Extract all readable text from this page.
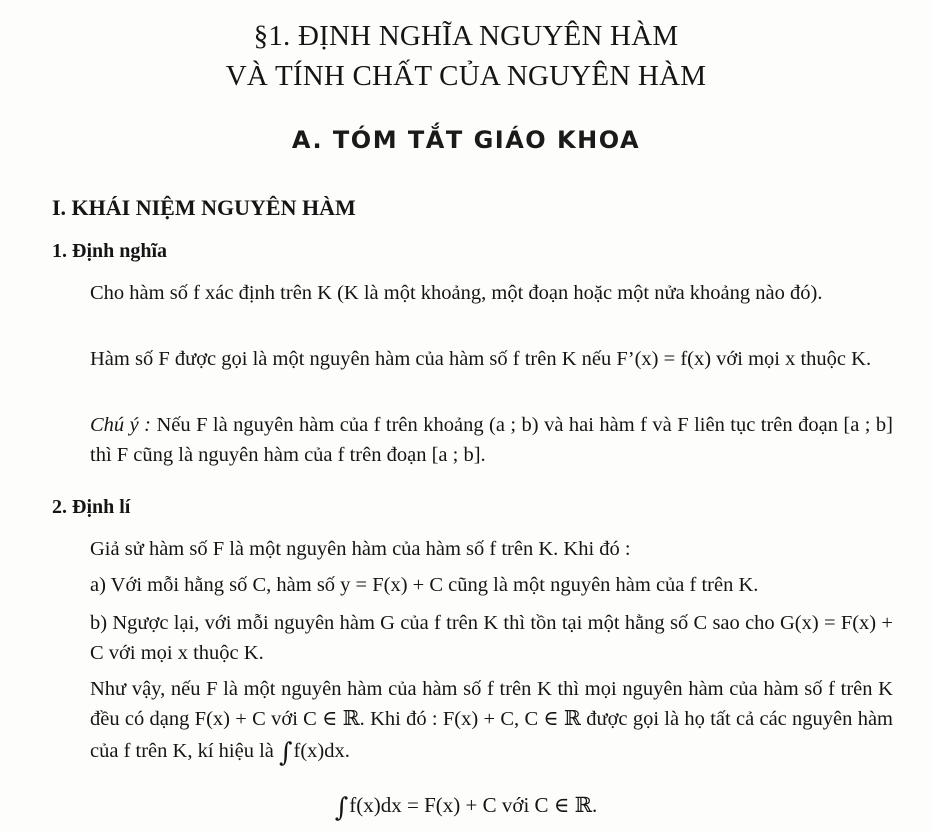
§1. ĐỊNH NGHĨA NGUYÊN HÀM
VÀ TÍNH CHẤT CỦA NGUYÊN HÀM
A. TÓM TẮT GIÁO KHOA
I. KHÁI NIỆM NGUYÊN HÀM
1. Định nghĩa
Cho hàm số f xác định trên K (K là một khoảng, một đoạn hoặc một nửa khoảng nào đó).
Hàm số F được gọi là một nguyên hàm của hàm số f trên K nếu F’(x) = f(x) với mọi x thuộc K.
Chú ý : Nếu F là nguyên hàm của f trên khoảng (a ; b) và hai hàm f và F liên tục trên đoạn [a ; b] thì F cũng là nguyên hàm của f trên đoạn [a ; b].
2. Định lí
Giả sử hàm số F là một nguyên hàm của hàm số f trên K. Khi đó :
a) Với mỗi hằng số C, hàm số y = F(x) + C cũng là một nguyên hàm của f trên K.
b) Ngược lại, với mỗi nguyên hàm G của f trên K thì tồn tại một hằng số C sao cho G(x) = F(x) + C với mọi x thuộc K.
Như vậy, nếu F là một nguyên hàm của hàm số f trên K thì mọi nguyên hàm của hàm số f trên K đều có dạng F(x) + C với C ∈ ℝ. Khi đó : F(x) + C, C ∈ ℝ được gọi là họ tất cả các nguyên hàm của f trên K, kí hiệu là ∫f(x)dx.
∫f(x)dx = F(x) + C với C ∈ ℝ.
